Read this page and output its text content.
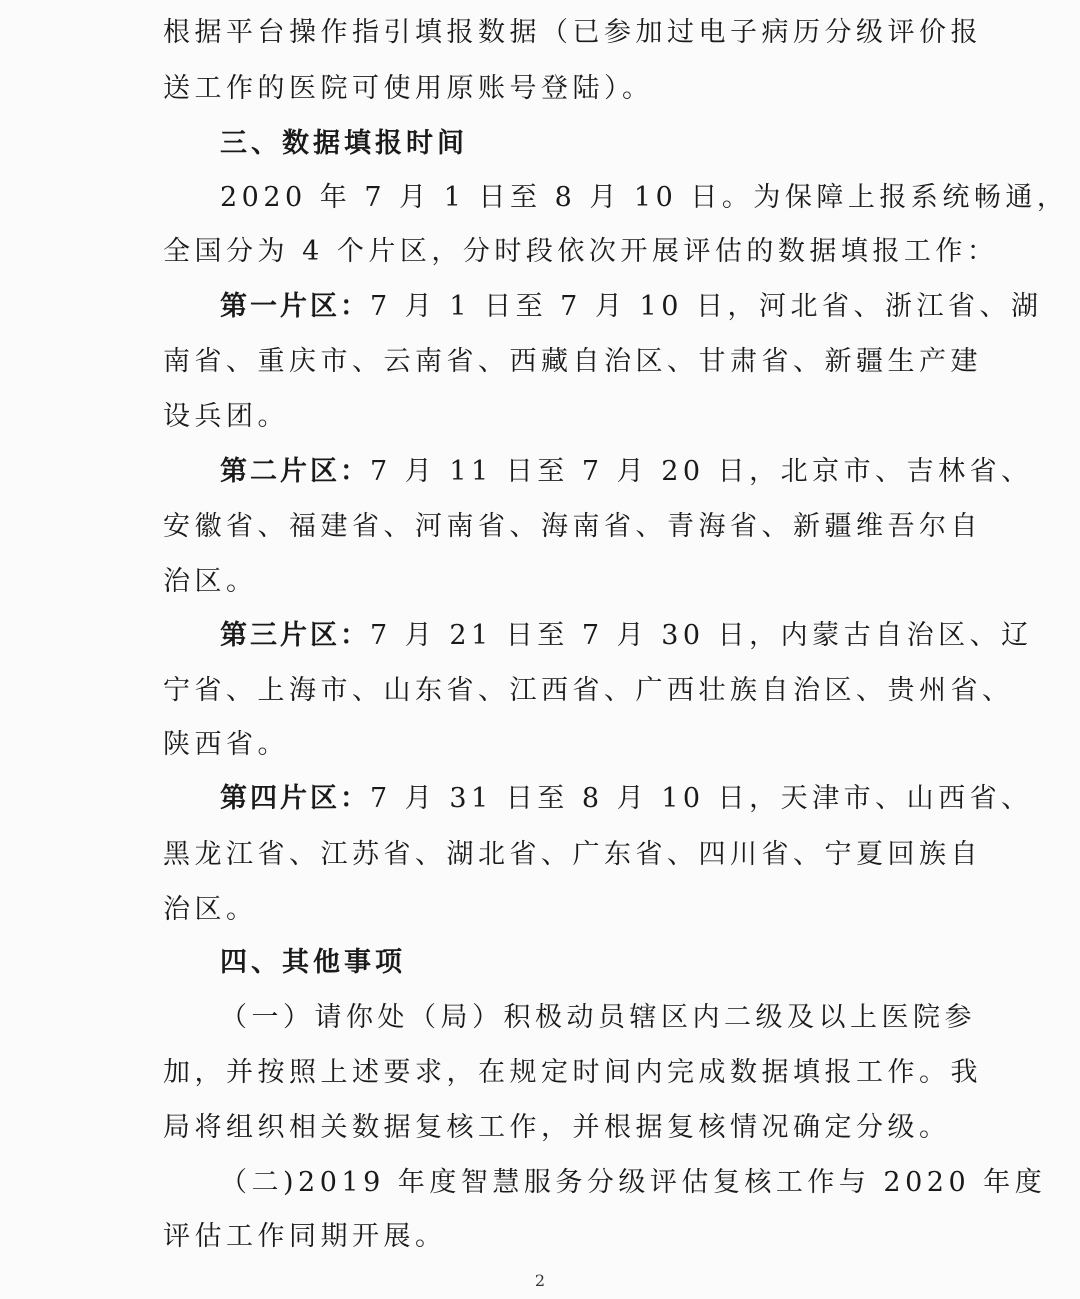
根据平台操作指引填报数据（已参加过电子病历分级评价报
送工作的医院可使用原账号登陆）。
三、数据填报时间
2020 年 7 月 1 日至 8 月 10 日。为保障上报系统畅通，
全国分为 4 个片区，分时段依次开展评估的数据填报工作：
第一片区：7 月 1 日至 7 月 10 日，河北省、浙江省、湖
南省、重庆市、云南省、西藏自治区、甘肃省、新疆生产建
设兵团。
第二片区：7 月 11 日至 7 月 20 日，北京市、吉林省、
安徽省、福建省、河南省、海南省、青海省、新疆维吾尔自
治区。
第三片区：7 月 21 日至 7 月 30 日，内蒙古自治区、辽
宁省、上海市、山东省、江西省、广西壮族自治区、贵州省、
陕西省。
第四片区：7 月 31 日至 8 月 10 日，天津市、山西省、
黑龙江省、江苏省、湖北省、广东省、四川省、宁夏回族自
治区。
四、其他事项
（一）请你处（局）积极动员辖区内二级及以上医院参
加，并按照上述要求，在规定时间内完成数据填报工作。我
局将组织相关数据复核工作，并根据复核情况确定分级。
（二)2019 年度智慧服务分级评估复核工作与 2020 年度
评估工作同期开展。
2
